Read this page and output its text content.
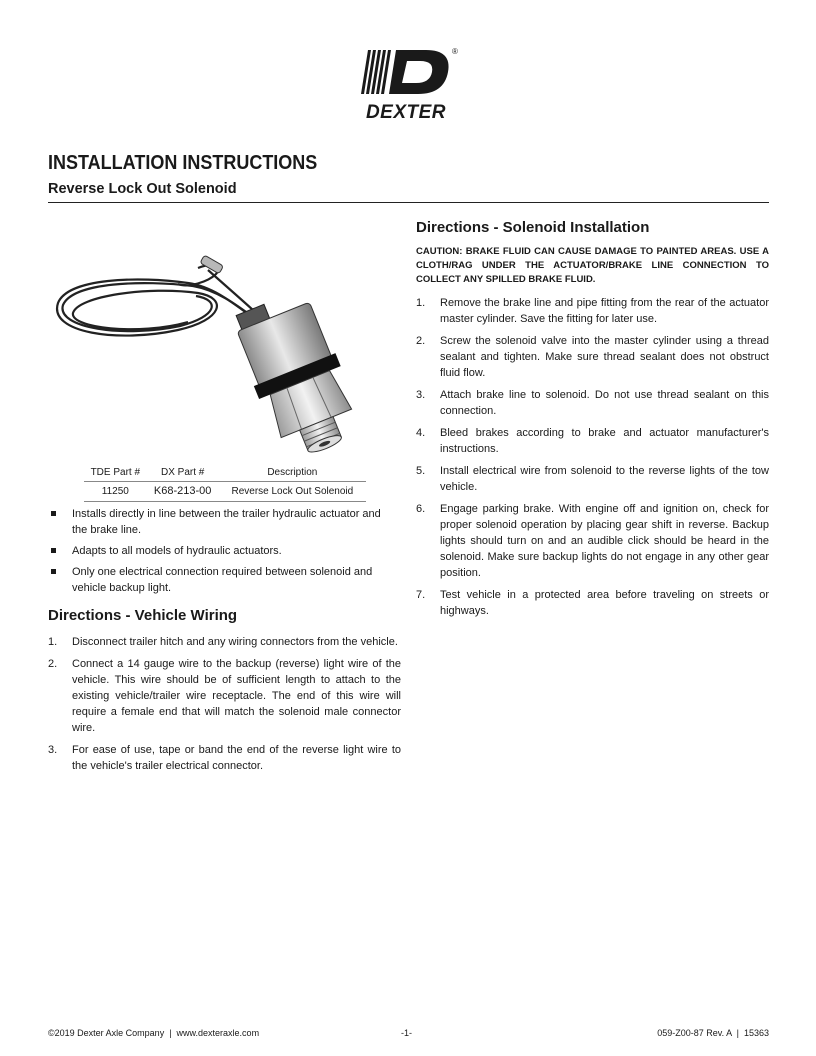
®
DEXTER
INSTALLATION INSTRUCTIONS
Reverse Lock Out Solenoid
TDE Part #	DX Part #	Description
11250	K68-213-00	Reverse Lock Out Solenoid
Installs directly in line between the trailer hydraulic actuator and the brake line.
Adapts to all models of hydraulic actuators.
Only one electrical connection required between solenoid and vehicle backup light.
Directions - Vehicle Wiring
1. Disconnect trailer hitch and any wiring connectors from the vehicle.
2. Connect a 14 gauge wire to the backup (reverse) light wire of the vehicle. This wire should be of sufficient length to attach to the existing vehicle/trailer wire receptacle. The end of this wire will require a female end that will match the solenoid male connector wire.
3. For ease of use, tape or band the end of the reverse light wire to the vehicle's trailer electrical connector.
Directions - Solenoid Installation
CAUTION: BRAKE FLUID CAN CAUSE DAMAGE TO PAINTED AREAS. USE A CLOTH/RAG UNDER THE ACTUATOR/BRAKE LINE CONNECTION TO COLLECT ANY SPILLED BRAKE FLUID.
1. Remove the brake line and pipe fitting from the rear of the actuator master cylinder. Save the fitting for later use.
2. Screw the solenoid valve into the master cylinder using a thread sealant and tighten. Make sure thread sealant does not obstruct fluid flow.
3. Attach brake line to solenoid. Do not use thread sealant on this connection.
4. Bleed brakes according to brake and actuator manufacturer's instructions.
5. Install electrical wire from solenoid to the reverse lights of the tow vehicle.
6. Engage parking brake. With engine off and ignition on, check for proper solenoid operation by placing gear shift in reverse. Backup lights should turn on and an audible click should be heard in the solenoid. Make sure backup lights do not engage in any other gear position.
7. Test vehicle in a protected area before traveling on streets or highways.
©2019 Dexter Axle Company  |  www.dexteraxle.com	-1-	059-Z00-87 Rev. A  |  15363
